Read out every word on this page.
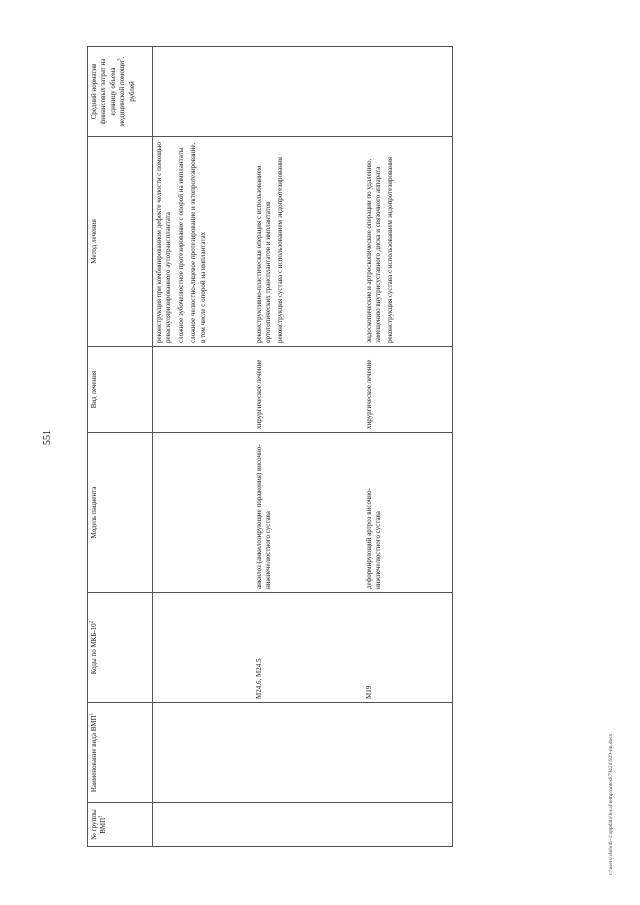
551
c:\users\vloboh~1\appdata\local\temp\notes879424\929-nn.docx
№ группы ВМП$^1$	Наименование вида ВМП$^1$	Коды по МКБ-$10^2$	Модель пациента	Вид лечения	Метод лечения	Средний норматив финансовых затрат на единицу объема медицинской помощи$^3$, рублей

					реконструкция при комбинированном дефекте челюсти с помощью реваскуляризированного аутотрансплантата сложное зубочелюстное протезирование с опорой на имплантаты сложное челюстно-лицевое протезирование и эктопротезирование, в том числе с опорой на имплантатах	

		M24.6, M24.5	анкилоз (анкилозирующие поражения) височно-нижнечелюстного сустава	хирургическое лечение	реконструктивно-пластическая операция с использованием ортотопических трансплантатов и имплантатов реконструкция сустава с использованием эндопротезирования	

		M19	деформирующий артроз височно-нижнечелюстного сустава	хирургическое лечение	эндоскопические и артроскопические операции по удалению, замещению внутрисуставного диска и связочного аппарата реконструкция сустава с использованием эндопротезирования	
